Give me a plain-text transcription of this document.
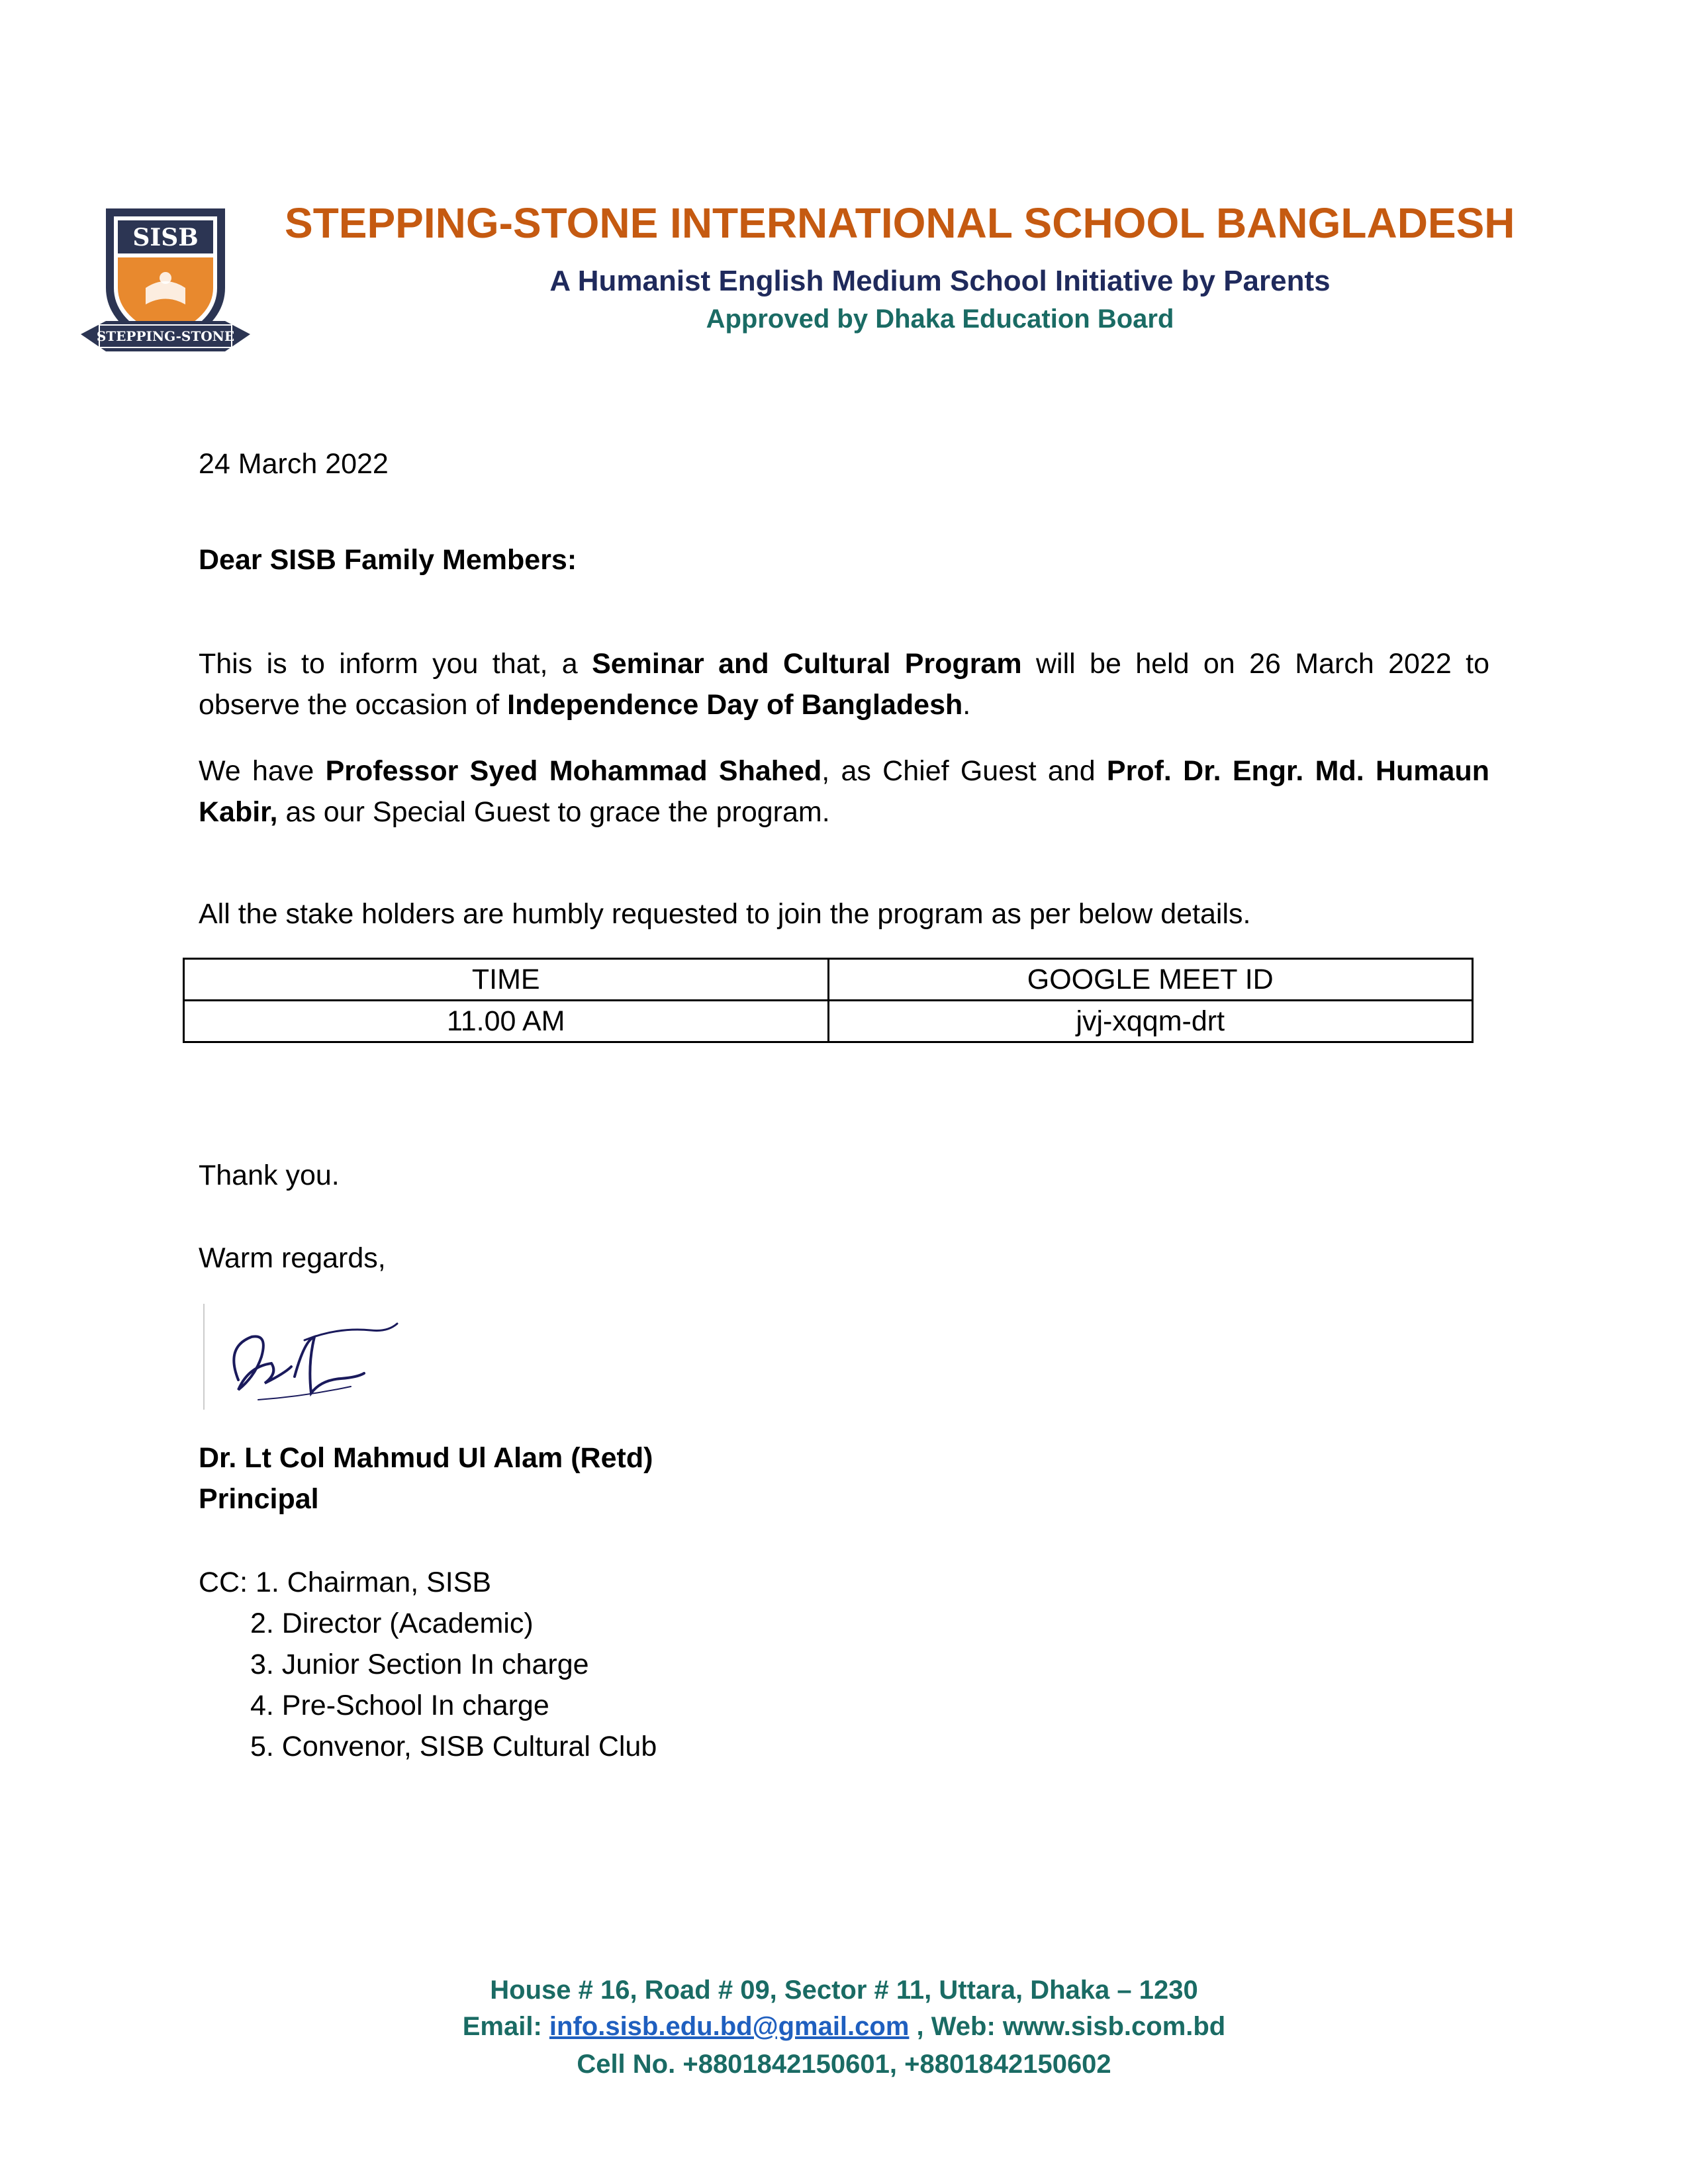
SISB
STEPPING-STONE
STEPPING-STONE INTERNATIONAL SCHOOL BANGLADESH
A Humanist English Medium School Initiative by Parents
Approved by Dhaka Education Board
24 March 2022
Dear SISB Family Members:
This is to inform you that, a Seminar and Cultural Program will be held on 26 March 2022 to
observe the occasion of Independence Day of Bangladesh.
We have Professor Syed Mohammad Shahed, as Chief Guest and Prof. Dr. Engr. Md. Humaun
Kabir, as our Special Guest to grace the program.
All the stake holders are humbly requested to join the program as per below details.
TIME	GOOGLE MEET ID
11.00 AM	jvj-xqqm-drt
Thank you.
Warm regards,
Dr. Lt Col Mahmud Ul Alam (Retd)
Principal
CC: 1. Chairman, SISB
2. Director (Academic)
3. Junior Section In charge
4. Pre-School In charge
5. Convenor, SISB Cultural Club
House # 16, Road # 09, Sector # 11, Uttara, Dhaka – 1230
Email: info.sisb.edu.bd@gmail.com , Web: www.sisb.com.bd
Cell No. +8801842150601, +8801842150602
